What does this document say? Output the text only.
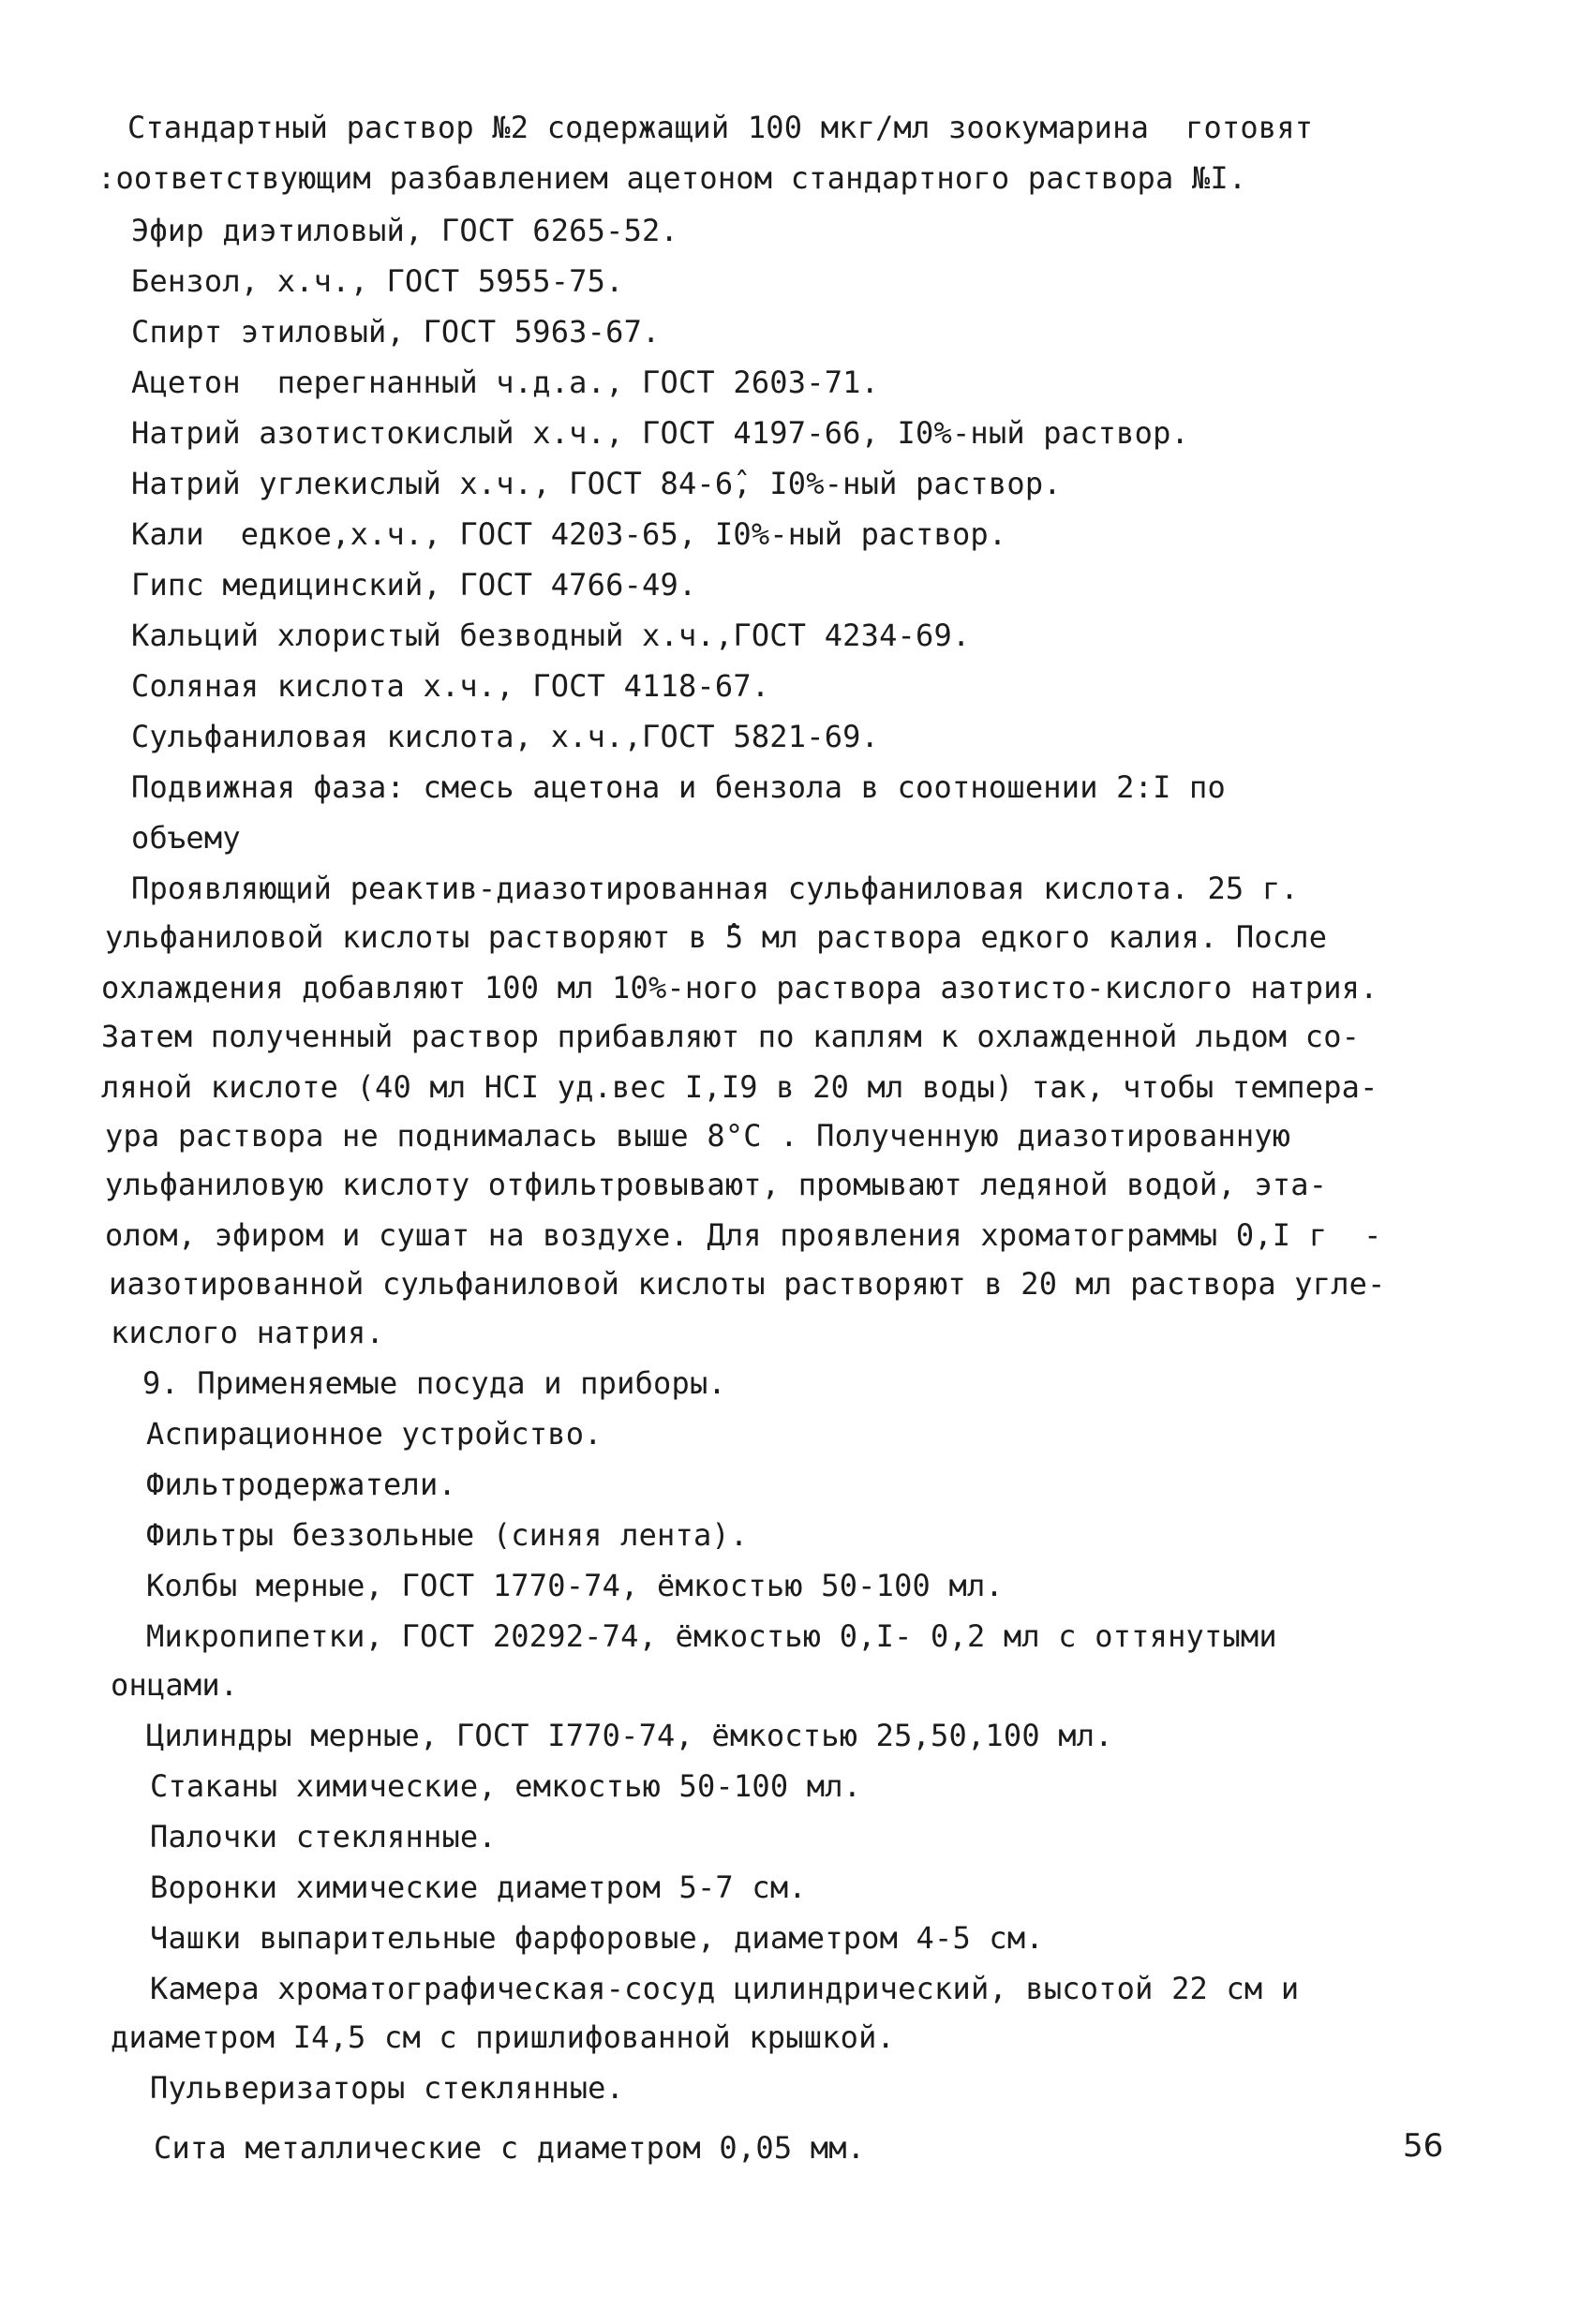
Стандартный раствор №2 содержащий 100 мкг/мл зоокумарина  готовят

:оответствующим разбавлением ацетоном стандартного раствора №I.

Эфир диэтиловый, ГОСТ 6265-52.

Бензол, х.ч., ГОСТ 5955-75.

Спирт этиловый, ГОСТ 5963-67.

Ацетон  перегнанный ч.д.а., ГОСТ 2603-71.

Натрий азотистокислый х.ч., ГОСТ 4197-66, I0%-ный раствор.

Натрий углекислый х.ч., ГОСТ 84-6̂, I0%-ный раствор.

Кали  едкое,х.ч., ГОСТ 4203-65, I0%-ный раствор.

Гипс медицинский, ГОСТ 4766-49.

Кальций хлористый безводный х.ч.,ГОСТ 4234-69.

Соляная кислота х.ч., ГОСТ 4118-67.

Сульфаниловая кислота, х.ч.,ГОСТ 5821-69.

Подвижная фаза: смесь ацетона и бензола в соотношении 2:I по

объему

Проявляющий реактив-диазотированная сульфаниловая кислота. 25 г.

ульфаниловой кислоты растворяют в ̂5 мл раствора едкого калия. После

охлаждения добавляют 100 мл 10%-ного раствора азотисто-кислого натрия.

Затем полученный раствор прибавляют по каплям к охлажденной льдом со-

ляной кислоте (40 мл HCI уд.вес I,I9 в 20 мл воды) так, чтобы темпера-

ура раствора не поднималась выше 8°C . Полученную диазотированную

ульфаниловую кислоту отфильтровывают, промывают ледяной водой, эта-

олом, эфиром и сушат на воздухе. Для проявления хроматограммы 0,I г  -

иазотированной сульфаниловой кислоты растворяют в 20 мл раствора угле-

кислого натрия.

9. Применяемые посуда и приборы.

Аспирационное устройство.

Фильтродержатели.

Фильтры беззольные (синяя лента).

Колбы мерные, ГОСТ 1770-74, ёмкостью 50-100 мл.

Микропипетки, ГОСТ 20292-74, ёмкостью 0,I- 0,2 мл с оттянутыми

онцами.

Цилиндры мерные, ГОСТ I770-74, ёмкостью 25,50,100 мл.

Стаканы химические, емкостью 50-100 мл.

Палочки стеклянные.

Воронки химические диаметром 5-7 см.

Чашки выпарительные фарфоровые, диаметром 4-5 см.

Камера хроматографическая-сосуд цилиндрический, высотой 22 см и

диаметром I4,5 см с пришлифованной крышкой.

Пульверизаторы стеклянные.

Сита металлические с диаметром 0,05 мм.	56
